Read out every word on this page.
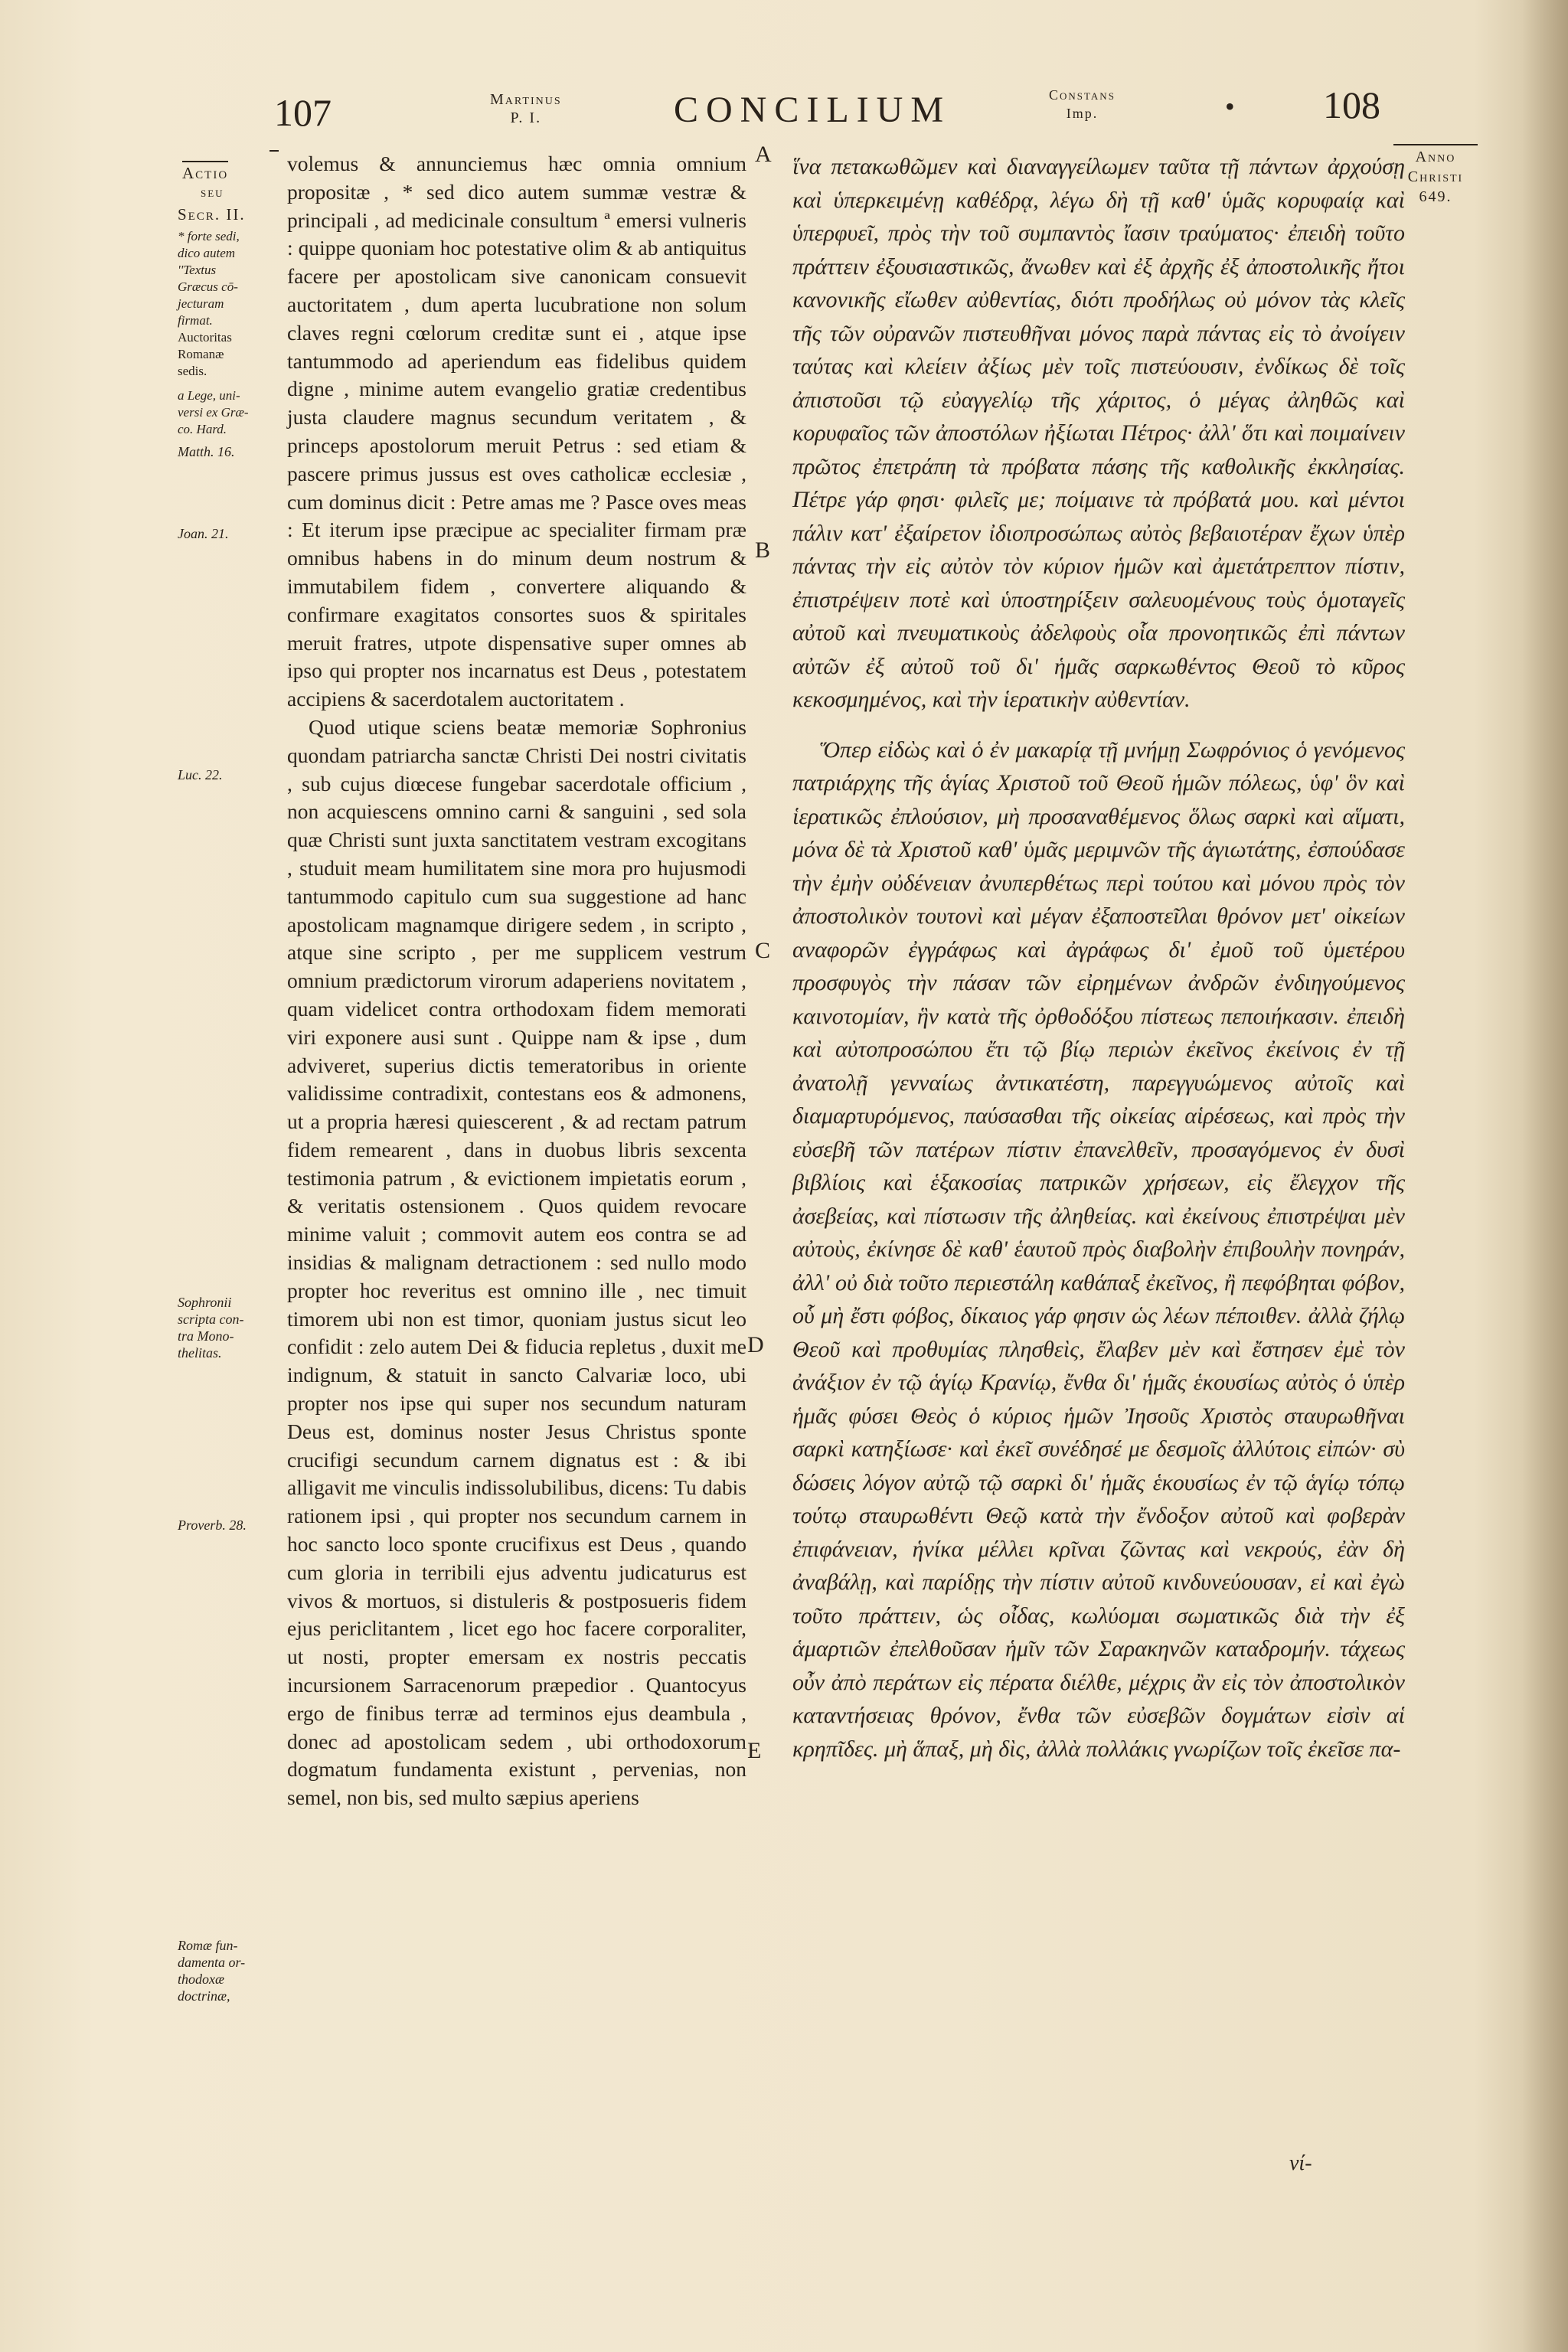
107	Martinus
P. I.	CONCILIUM	Constans
Imp.	• 108
Anno
Christi
649.
Actio
seu
Secr. II.
* forte sedi,
dico autem
''Textus
Græcus cō-
jecturam
firmat.
Auctoritas
Romanæ
sedis.
a Lege, uni-
versi ex Græ-
co. Hard.
Matth. 16.
Joan. 21.
Luc. 22.
Sophronii
scripta con-
tra Mono-
thelitas.
Proverb. 28.
Romæ fun-
damenta or-
thodoxæ
doctrinæ,
A
B
C
D
E

volemus & annunciemus hæc omnia omnium propositæ , * sed dico autem summæ vestræ & principali , ad medicinale consultum ª emersi vulneris : quippe quoniam hoc potestative olim & ab antiquitus facere per apostolicam sive canonicam consuevit auctoritatem , dum aperta lucubratione non solum claves regni cœlorum creditæ sunt ei , atque ipse tantummodo ad aperiendum eas fidelibus quidem digne , minime autem evangelio gratiæ credentibus justa claudere magnus secundum veritatem , & princeps apostolorum meruit Petrus : sed etiam & pascere primus jussus est oves catholicæ ecclesiæ , cum dominus dicit : Petre amas me ? Pasce oves meas : Et iterum ipse præcipue ac specialiter firmam præ omnibus habens in do minum deum nostrum & immutabilem fidem , convertere aliquando & confirmare exagitatos consortes suos & spiritales meruit fratres, utpote dispensative super omnes ab ipso qui propter nos incarnatus est Deus , potestatem accipiens & sacerdotalem auctoritatem .

Quod utique sciens beatæ memoriæ Sophronius quondam patriarcha sanctæ Christi Dei nostri civitatis , sub cujus diœcese fungebar sacerdotale officium , non acquiescens omnino carni & sanguini , sed sola quæ Christi sunt juxta sanctitatem vestram excogitans , studuit meam humilitatem sine mora pro hujusmodi tantummodo capitulo cum sua suggestione ad hanc apostolicam magnamque dirigere sedem , in scripto , atque sine scripto , per me supplicem vestrum omnium prædictorum virorum adaperiens novitatem , quam videlicet contra orthodoxam fidem memorati viri exponere ausi sunt . Quippe nam & ipse , dum adviveret, superius dictis temeratoribus in oriente validissime contradixit, contestans eos & admonens, ut a propria hæresi quiescerent , & ad rectam patrum fidem remearent , dans in duobus libris sexcenta testimonia patrum , & evictionem impietatis eorum , & veritatis ostensionem . Quos quidem revocare minime valuit ; commovit autem eos contra se ad insidias & malignam detractionem : sed nullo modo propter hoc reveritus est omnino ille , nec timuit timorem ubi non est timor, quoniam justus sicut leo confidit : zelo autem Dei & fiducia repletus , duxit me indignum, & statuit in sancto Calvariæ loco, ubi propter nos ipse qui super nos secundum naturam Deus est, dominus noster Jesus Christus sponte crucifigi secundum carnem dignatus est : & ibi alligavit me vinculis indissolubilibus, dicens: Tu dabis rationem ipsi , qui propter nos secundum carnem in hoc sancto loco sponte crucifixus est Deus , quando cum gloria in terribili ejus adventu judicaturus est vivos & mortuos, si distuleris & postposueris fidem ejus periclitantem , licet ego hoc facere corporaliter, ut nosti, propter emersam ex nostris peccatis incursionem Sarracenorum præpedior . Quantocyus ergo de finibus terræ ad terminos ejus deambula , donec ad apostolicam sedem , ubi orthodoxorum dogmatum fundamenta existunt , pervenias, non semel, non bis, sed multo sæpius aperiens

ἵνα πετακωθῶμεν καὶ διαναγγείλωμεν ταῦτα τῇ πάντων ἀρχούσῃ καὶ ὑπερκειμένῃ καθέδρᾳ, λέγω δὴ τῇ καθ' ὑμᾶς κορυφαίᾳ καὶ ὑπερφυεῖ, πρὸς τὴν τοῦ συμπαντὸς ἴασιν τραύματος· ἐπειδὴ τοῦτο πράττειν ἐξουσιαστικῶς, ἄνωθεν καὶ ἐξ ἀρχῆς ἐξ ἀποστολικῆς ἤτοι κανονικῆς εἴωθεν αὐθεντίας, διότι προδήλως οὐ μόνον τὰς κλεῖς τῆς τῶν οὐρανῶν πιστευθῆναι μόνος παρὰ πάντας εἰς τὸ ἀνοίγειν ταύτας καὶ κλείειν ἀξίως μὲν τοῖς πιστεύουσιν, ἐνδίκως δὲ τοῖς ἀπιστοῦσι τῷ εὐαγγελίῳ τῆς χάριτος, ὁ μέγας ἀληθῶς καὶ κορυφαῖος τῶν ἀποστόλων ἠξίωται Πέτρος· ἀλλ' ὅτι καὶ ποιμαίνειν πρῶτος ἐπετράπη τὰ πρόβατα πάσης τῆς καθολικῆς ἐκκλησίας. Πέτρε γάρ φησι· φιλεῖς με; ποίμαινε τὰ πρόβατά μου. καὶ μέντοι πάλιν κατ' ἐξαίρετον ἰδιοπροσώπως αὐτὸς βεβαιοτέραν ἔχων ὑπὲρ πάντας τὴν εἰς αὐτὸν τὸν κύριον ἡμῶν καὶ ἀμετάτρεπτον πίστιν, ἐπιστρέψειν ποτὲ καὶ ὑποστηρίξειν σαλευομένους τοὺς ὁμοταγεῖς αὐτοῦ καὶ πνευματικοὺς ἀδελφοὺς οἷα προνοητικῶς ἐπὶ πάντων αὐτῶν ἐξ αὐτοῦ τοῦ δι' ἡμᾶς σαρκωθέντος Θεοῦ τὸ κῦρος κεκοσμημένος, καὶ τὴν ἱερατικὴν αὐθεντίαν.

Ὅπερ εἰδὼς καὶ ὁ ἐν μακαρίᾳ τῇ μνήμῃ Σωφρόνιος ὁ γενόμενος πατριάρχης τῆς ἁγίας Χριστοῦ τοῦ Θεοῦ ἡμῶν πόλεως, ὑφ' ὃν καὶ ἱερατικῶς ἐπλούσιον, μὴ προσαναθέμενος ὅλως σαρκὶ καὶ αἵματι, μόνα δὲ τὰ Χριστοῦ καθ' ὑμᾶς μεριμνῶν τῆς ἁγιωτάτης, ἐσπούδασε τὴν ἐμὴν οὐδένειαν ἀνυπερθέτως περὶ τούτου καὶ μόνου πρὸς τὸν ἀποστολικὸν τουτονὶ καὶ μέγαν ἐξαποστεῖλαι θρόνον μετ' οἰκείων αναφορῶν ἐγγράφως καὶ ἀγράφως δι' ἐμοῦ τοῦ ὑμετέρου προσφυγὸς τὴν πάσαν τῶν εἰρημένων ἀνδρῶν ἐνδιηγούμενος καινοτομίαν, ἣν κατὰ τῆς ὀρθοδόξου πίστεως πεποιήκασιν. ἐπειδὴ καὶ αὐτοπροσώπου ἔτι τῷ βίῳ περιὼν ἐκεῖνος ἐκείνοις ἐν τῇ ἀνατολῇ γενναίως ἀντικατέστη, παρεγγυώμενος αὐτοῖς καὶ διαμαρτυρόμενος, παύσασθαι τῆς οἰκείας αἱρέσεως, καὶ πρὸς τὴν εὐσεβῆ τῶν πατέρων πίστιν ἐπανελθεῖν, προσαγόμενος ἐν δυσὶ βιβλίοις καὶ ἑξακοσίας πατρικῶν χρήσεων, εἰς ἔλεγχον τῆς ἀσεβείας, καὶ πίστωσιν τῆς ἀληθείας. καὶ ἐκείνους ἐπιστρέψαι μὲν αὐτοὺς, ἐκίνησε δὲ καθ' ἑαυτοῦ πρὸς διαβολὴν ἐπιβουλὴν πονηράν, ἀλλ' οὐ διὰ τοῦτο περιεστάλη καθάπαξ ἐκεῖνος, ἢ πεφόβηται φόβον, οὗ μὴ ἔστι φόβος, δίκαιος γάρ φησιν ὡς λέων πέποιθεν. ἀλλὰ ζήλῳ Θεοῦ καὶ προθυμίας πλησθεὶς, ἔλαβεν μὲν καὶ ἔστησεν ἐμὲ τὸν ἀνάξιον ἐν τῷ ἁγίῳ Κρανίῳ, ἔνθα δι' ἡμᾶς ἑκουσίως αὐτὸς ὁ ὑπὲρ ἡμᾶς φύσει Θεὸς ὁ κύριος ἡμῶν Ἰησοῦς Χριστὸς σταυρωθῆναι σαρκὶ κατηξίωσε· καὶ ἐκεῖ συνέδησέ με δεσμοῖς ἀλλύτοις εἰπών· σὺ δώσεις λόγον αὐτῷ τῷ σαρκὶ δι' ἡμᾶς ἑκουσίως ἐν τῷ ἁγίῳ τόπῳ τούτῳ σταυρωθέντι Θεῷ κατὰ τὴν ἔνδοξον αὐτοῦ καὶ φοβερὰν ἐπιφάνειαν, ἡνίκα μέλλει κρῖναι ζῶντας καὶ νεκρούς, ἐὰν δὴ ἀναβάλῃ, καὶ παρίδῃς τὴν πίστιν αὐτοῦ κινδυνεύουσαν, εἰ καὶ ἐγὼ τοῦτο πράττειν, ὡς οἶδας, κωλύομαι σωματικῶς διὰ τὴν ἐξ ἁμαρτιῶν ἐπελθοῦσαν ἡμῖν τῶν Σαρακηνῶν καταδρομήν. τάχεως οὖν ἀπὸ περάτων εἰς πέρατα διέλθε, μέχρις ἂν εἰς τὸν ἀποστολικὸν καταντήσειας θρόνον, ἔνθα τῶν εὐσεβῶν δογμάτων εἰσὶν αἱ κρηπῖδες. μὴ ἅπαξ, μὴ δὶς, ἀλλὰ πολλάκις γνωρίζων τοῖς ἐκεῖσε πα-

νί-
